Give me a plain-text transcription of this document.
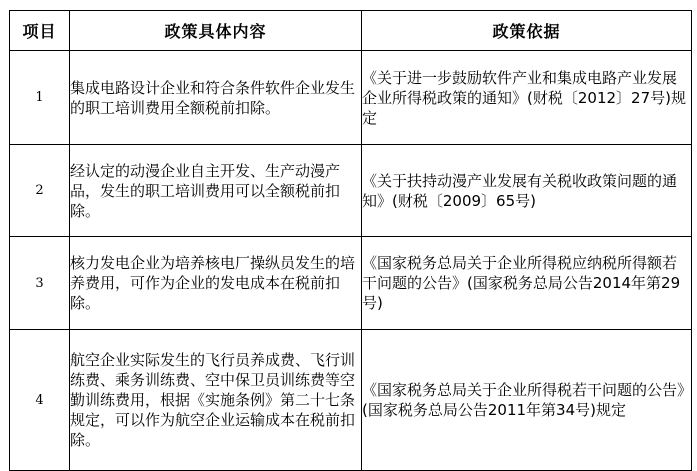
项目	政策具体内容	政策依据
1	集成电路设计企业和符合条件软件企业发生的职工培训费用全额税前扣除。	《关于进一步鼓励软件产业和集成电路产业发展企业所得税政策的通知》(财税〔2012〕27号)规定
2	经认定的动漫企业自主开发、生产动漫产品，发生的职工培训费用可以全额税前扣除。	《关于扶持动漫产业发展有关税收政策问题的通知》(财税〔2009〕65号)
3	核力发电企业为培养核电厂操纵员发生的培养费用，可作为企业的发电成本在税前扣除。	《国家税务总局关于企业所得税应纳税所得额若干问题的公告》(国家税务总局公告2014年第29号)
4	航空企业实际发生的飞行员养成费、飞行训练费、乘务训练费、空中保卫员训练费等空勤训练费用，根据《实施条例》第二十七条规定，可以作为航空企业运输成本在税前扣除。	《国家税务总局关于企业所得税若干问题的公告》(国家税务总局公告2011年第34号)规定
